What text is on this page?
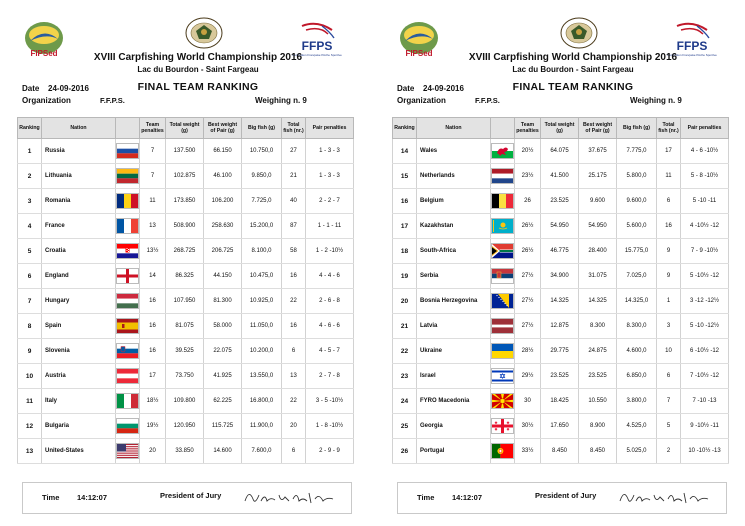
XVIII Carpfishing World Championship 2016
Lac du Bourdon - Saint Fargeau
Date 24-09-2016	FINAL TEAM RANKING
Organization	F.F.P.S.	Weighing n. 9
Ranking	Nation		Team penalties	Total weight (g)	Best weight of Pair (g)	Big fish (g)	Total fish (nr.)	Pair penalties
1	Russia		7	137.500	66.150	10.750,0	27	1 - 3 - 3
2	Lithuania		7	102.875	46.100	9.850,0	21	1 - 3 - 3
3	Romania		11	173.850	106.200	7.725,0	40	2 - 2 - 7
4	France		13	508.900	258.630	15.200,0	87	1 - 1 - 11
5	Croatia		13½	268.725	206.725	8.100,0	58	1 - 2 -10½
6	England		14	86.325	44.150	10.475,0	16	4 - 4 - 6
7	Hungary		16	107.950	81.300	10.925,0	22	2 - 6 - 8
8	Spain		16	81.075	58.000	11.050,0	16	4 - 6 - 6
9	Slovenia		16	39.525	22.075	10.200,0	6	4 - 5 - 7
10	Austria		17	73.750	41.925	13.550,0	13	2 - 7 - 8
11	Italy		18½	109.800	62.225	16.800,0	22	3 - 5 -10½
12	Bulgaria		19½	120.950	115.725	11.900,0	20	1 - 8 -10½
13	United-States		20	33.850	14.600	7.600,0	6	2 - 9 - 9
Time 14:12:07	President of Jury
XVIII Carpfishing World Championship 2016
Lac du Bourdon - Saint Fargeau
Date 24-09-2016	FINAL TEAM RANKING
Organization	F.F.P.S.	Weighing n. 9
Ranking	Nation		Team penalties	Total weight (g)	Best weight of Pair (g)	Big fish (g)	Total fish (nr.)	Pair penalties
14	Wales		20½	64.075	37.675	7.775,0	17	4 - 6 -10½
15	Netherlands		23½	41.500	25.175	5.800,0	11	5 - 8 -10½
16	Belgium		26	23.525	9.600	9.600,0	6	5 -10 -11
17	Kazakhstan		26½	54.950	54.950	5.600,0	16	4 -10½ -12
18	South-Africa		26½	46.775	28.400	15.775,0	9	7 - 9 -10½
19	Serbia		27½	34.900	31.075	7.025,0	9	5 -10½ -12
20	Bosnia Herzegovina		27½	14.325	14.325	14.325,0	1	3 -12 -12½
21	Latvia		27½	12.875	8.300	8.300,0	3	5 -10 -12½
22	Ukraine		28½	29.775	24.875	4.600,0	10	6 -10½ -12
23	Israel		29½	23.525	23.525	6.850,0	6	7 -10½ -12
24	FYRO Macedonia		30	18.425	10.550	3.800,0	7	7 -10 -13
25	Georgia		30½	17.650	8.900	4.525,0	5	9 -10½ -11
26	Portugal		33½	8.450	8.450	5.025,0	2	10 -10½ -13
Time 14:12:07	President of Jury
